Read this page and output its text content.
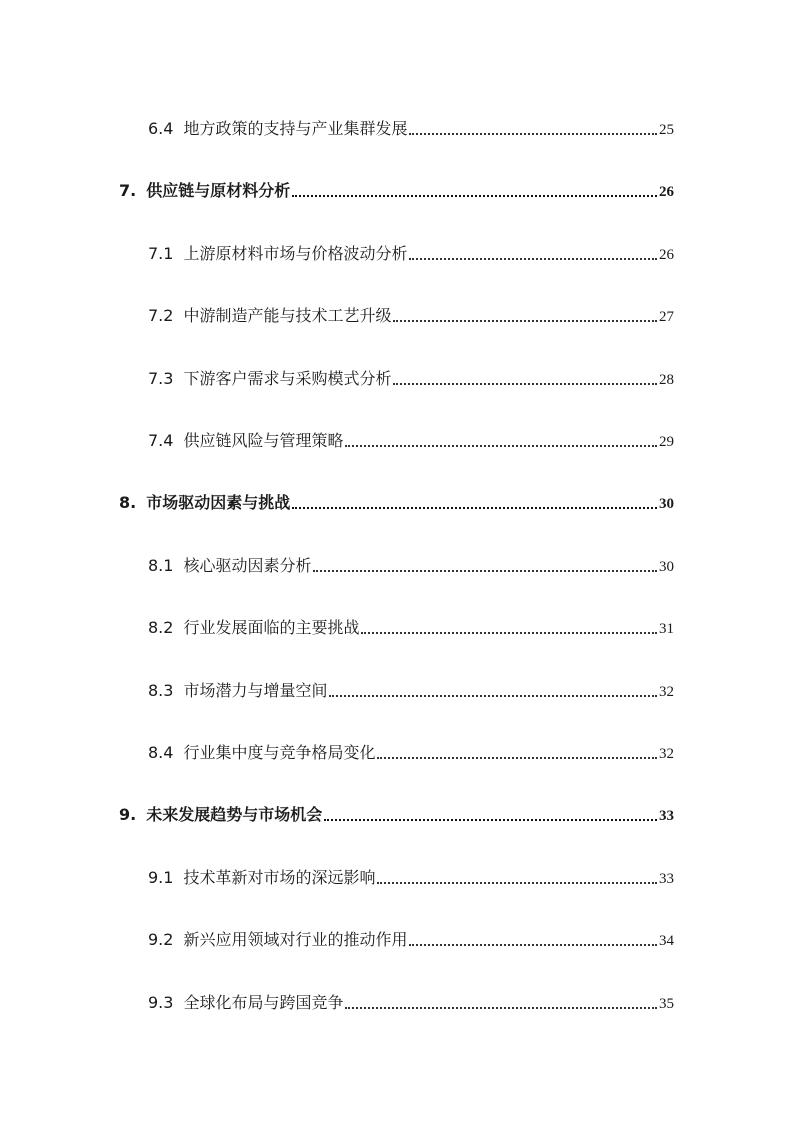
6.4 地方政策的支持与产业集群发展	25
7. 供应链与原材料分析	26
7.1 上游原材料市场与价格波动分析	26
7.2 中游制造产能与技术工艺升级	27
7.3 下游客户需求与采购模式分析	28
7.4 供应链风险与管理策略	29
8. 市场驱动因素与挑战	30
8.1 核心驱动因素分析	30
8.2 行业发展面临的主要挑战	31
8.3 市场潜力与增量空间	32
8.4 行业集中度与竞争格局变化	32
9. 未来发展趋势与市场机会	33
9.1 技术革新对市场的深远影响	33
9.2 新兴应用领域对行业的推动作用	34
9.3 全球化布局与跨国竞争	35
